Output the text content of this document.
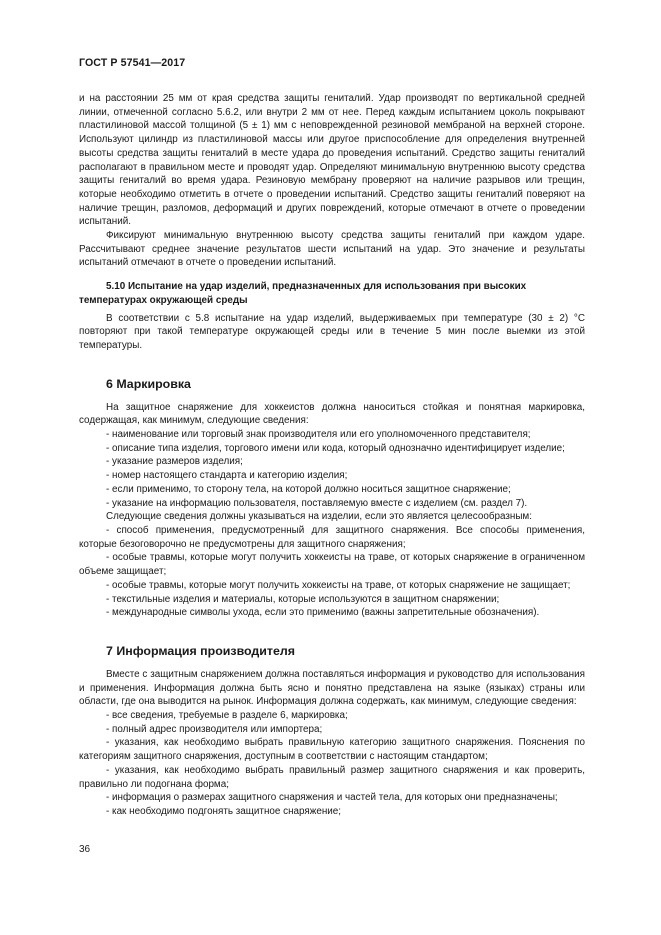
ГОСТ Р 57541—2017

и на расстоянии 25 мм от края средства защиты гениталий. Удар производят по вертикальной средней линии, отмеченной согласно 5.6.2, или внутри 2 мм от нее. Перед каждым испытанием цоколь покрывают пластилиновой массой толщиной (5 ± 1) мм с неповрежденной резиновой мембраной на верхней стороне. Используют цилиндр из пластилиновой массы или другое приспособление для определения внутренней высоты средства защиты гениталий в месте удара до проведения испытаний. Средство защиты гениталий располагают в правильном месте и проводят удар. Определяют минимальную внутреннюю высоту средства защиты гениталий во время удара. Резиновую мембрану проверяют на наличие разрывов или трещин, которые необходимо отметить в отчете о проведении испытаний. Средство защиты гениталий поверяют на наличие трещин, разломов, деформаций и других повреждений, которые отмечают в отчете о проведении испытаний.

Фиксируют минимальную внутреннюю высоту средства защиты гениталий при каждом ударе. Рассчитывают среднее значение результатов шести испытаний на удар. Это значение и результаты испытаний отмечают в отчете о проведении испытаний.

5.10 Испытание на удар изделий, предназначенных для использования при высоких
температурах окружающей среды

В соответствии с 5.8 испытание на удар изделий, выдерживаемых при температуре (30 ± 2) °С повторяют при такой температуре окружающей среды или в течение 5 мин после выемки из этой температуры.

6 Маркировка

На защитное снаряжение для хоккеистов должна наноситься стойкая и понятная маркировка, содержащая, как минимум, следующие сведения:

- наименование или торговый знак производителя или его уполномоченного представителя;

- описание типа изделия, торгового имени или кода, который однозначно идентифицирует изделие;

- указание размеров изделия;

- номер настоящего стандарта и категорию изделия;

- если применимо, то сторону тела, на которой должно носиться защитное снаряжение;

- указание на информацию пользователя, поставляемую вместе с изделием (см. раздел 7).

Следующие сведения должны указываться на изделии, если это является целесообразным:

- способ применения, предусмотренный для защитного снаряжения. Все способы применения, которые безоговорочно не предусмотрены для защитного снаряжения;

- особые травмы, которые могут получить хоккеисты на траве, от которых снаряжение в ограниченном объеме защищает;

- особые травмы, которые могут получить хоккеисты на траве, от которых снаряжение не защищает;

- текстильные изделия и материалы, которые используются в защитном снаряжении;

- международные символы ухода, если это применимо (важны запретительные обозначения).

7 Информация производителя

Вместе с защитным снаряжением должна поставляться информация и руководство для использования и применения. Информация должна быть ясно и понятно представлена на языке (языках) страны или области, где она выводится на рынок. Информация должна содержать, как минимум, следующие сведения:

- все сведения, требуемые в разделе 6, маркировка;

- полный адрес производителя или импортера;

- указания, как необходимо выбрать правильную категорию защитного снаряжения. Пояснения по категориям защитного снаряжения, доступным в соответствии с настоящим стандартом;

- указания, как необходимо выбрать правильный размер защитного снаряжения и как проверить, правильно ли подогнана форма;

- информация о размерах защитного снаряжения и частей тела, для которых они предназначены;

- как необходимо подгонять защитное снаряжение;

36
